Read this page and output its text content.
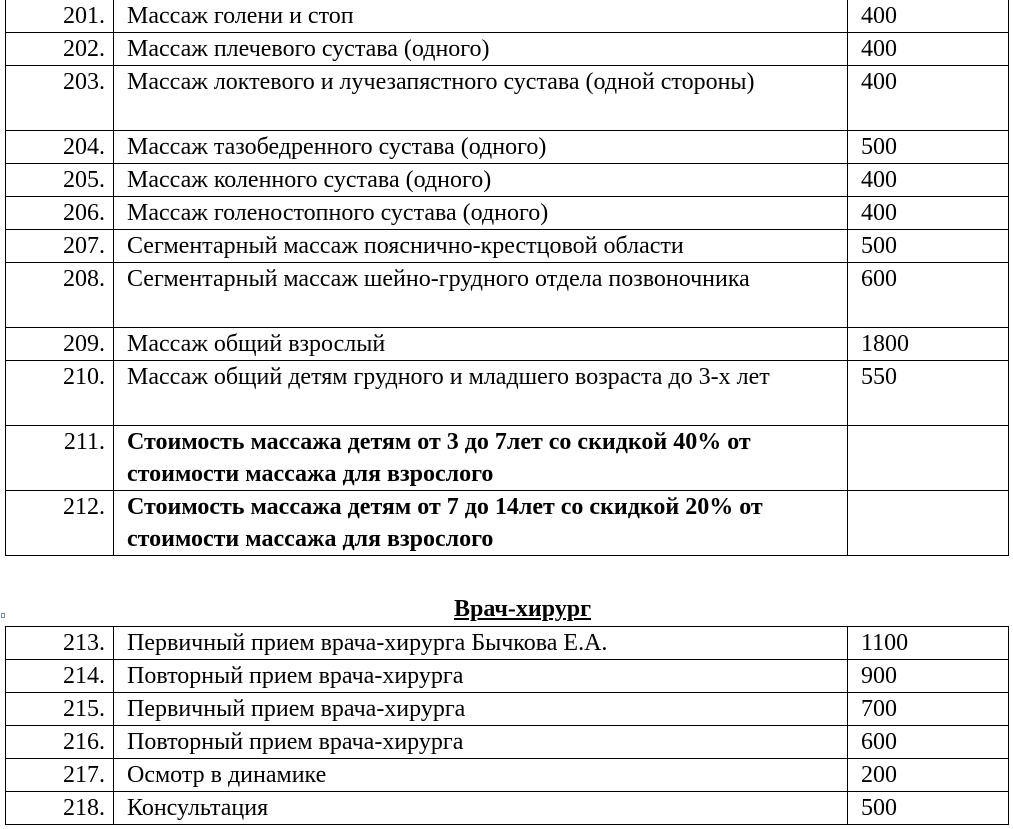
201.	Массаж голени и стоп	400
202.	Массаж плечевого сустава (одного)	400
203.	Массаж локтевого и лучезапястного сустава (одной стороны)	400
204.	Массаж тазобедренного сустава (одного)	500
205.	Массаж коленного сустава (одного)	400
206.	Массаж голеностопного сустава (одного)	400
207.	Сегментарный массаж пояснично-крестцовой области	500
208.	Сегментарный массаж шейно-грудного отдела позвоночника	600
209.	Массаж общий взрослый	1800
210.	Массаж общий детям грудного и младшего возраста до 3-х лет	550
211.	Стоимость массажа детям от 3 до 7лет со скидкой 40% от стоимости массажа для взрослого	
212.	Стоимость массажа детям от 7 до 14лет со скидкой 20% от стоимости массажа для взрослого	
Врач-хирург
213.	Первичный прием врача-хирурга Бычкова Е.А.	1100
214.	Повторный прием врача-хирурга	900
215.	Первичный прием врача-хирурга	700
216.	Повторный прием врача-хирурга	600
217.	Осмотр в динамике	200
218.	Консультация	500
